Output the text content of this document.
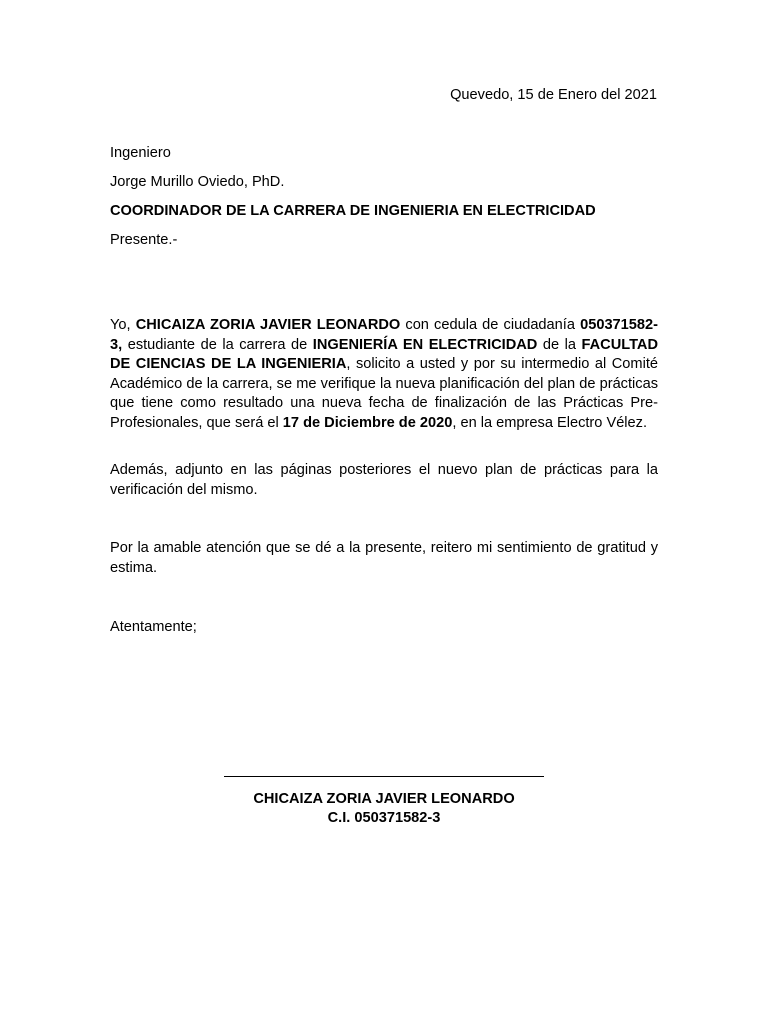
Quevedo, 15 de Enero del 2021
Ingeniero
Jorge Murillo Oviedo, PhD.
COORDINADOR DE LA CARRERA DE INGENIERIA EN ELECTRICIDAD
Presente.-

Yo, CHICAIZA ZORIA JAVIER LEONARDO con cedula de ciudadanía 050371582-3, estudiante de la carrera de INGENIERÍA EN ELECTRICIDAD de la FACULTAD DE CIENCIAS DE LA INGENIERIA, solicito a usted y por su intermedio al Comité Académico de la carrera, se me verifique la nueva planificación del plan de prácticas que tiene como resultado una nueva fecha de finalización de las Prácticas Pre-Profesionales, que será el 17 de Diciembre de 2020, en la empresa Electro Vélez.

Además, adjunto en las páginas posteriores el nuevo plan de prácticas para la verificación del mismo.

Por la amable atención que se dé a la presente, reitero mi sentimiento de gratitud y estima.

Atentamente;
CHICAIZA ZORIA JAVIER LEONARDO
C.I. 050371582-3
